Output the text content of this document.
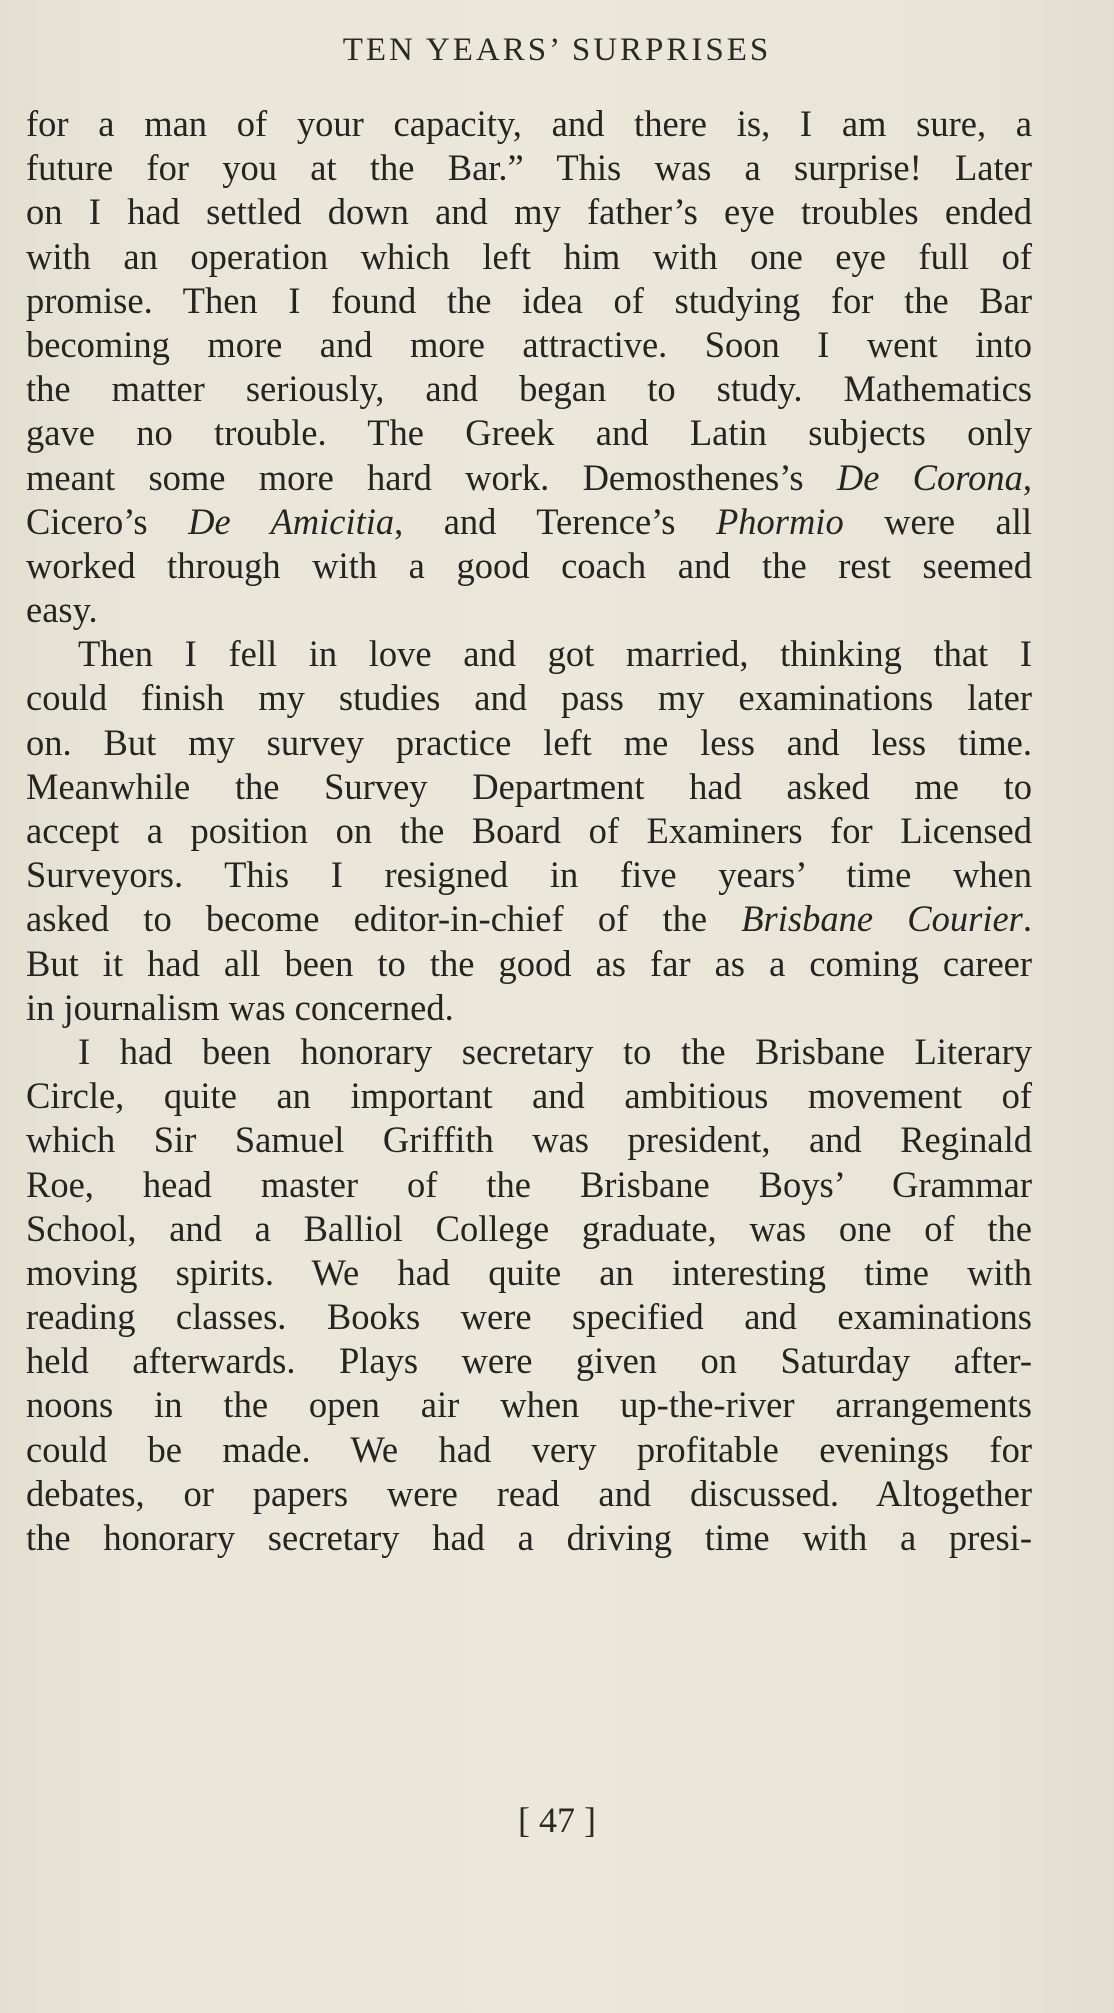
TEN YEARS’ SURPRISES
for a man of your capacity, and there is, I am sure, a
future for you at the Bar.” This was a surprise! Later
on I had settled down and my father’s eye troubles ended
with an operation which left him with one eye full of
promise. Then I found the idea of studying for the Bar
becoming more and more attractive. Soon I went into
the matter seriously, and began to study. Mathematics
gave no trouble. The Greek and Latin subjects only
meant some more hard work. Demosthenes’s De Corona,
Cicero’s De Amicitia, and Terence’s Phormio were all
worked through with a good coach and the rest seemed
easy.
Then I fell in love and got married, thinking that I
could finish my studies and pass my examinations later
on. But my survey practice left me less and less time.
Meanwhile the Survey Department had asked me to
accept a position on the Board of Examiners for Licensed
Surveyors. This I resigned in five years’ time when
asked to become editor-in-chief of the Brisbane Courier.
But it had all been to the good as far as a coming career
in journalism was concerned.
I had been honorary secretary to the Brisbane Literary
Circle, quite an important and ambitious movement of
which Sir Samuel Griffith was president, and Reginald
Roe, head master of the Brisbane Boys’ Grammar
School, and a Balliol College graduate, was one of the
moving spirits. We had quite an interesting time with
reading classes. Books were specified and examinations
held afterwards. Plays were given on Saturday after-
noons in the open air when up-the-river arrangements
could be made. We had very profitable evenings for
debates, or papers were read and discussed. Altogether
the honorary secretary had a driving time with a presi-
[ 47 ]
